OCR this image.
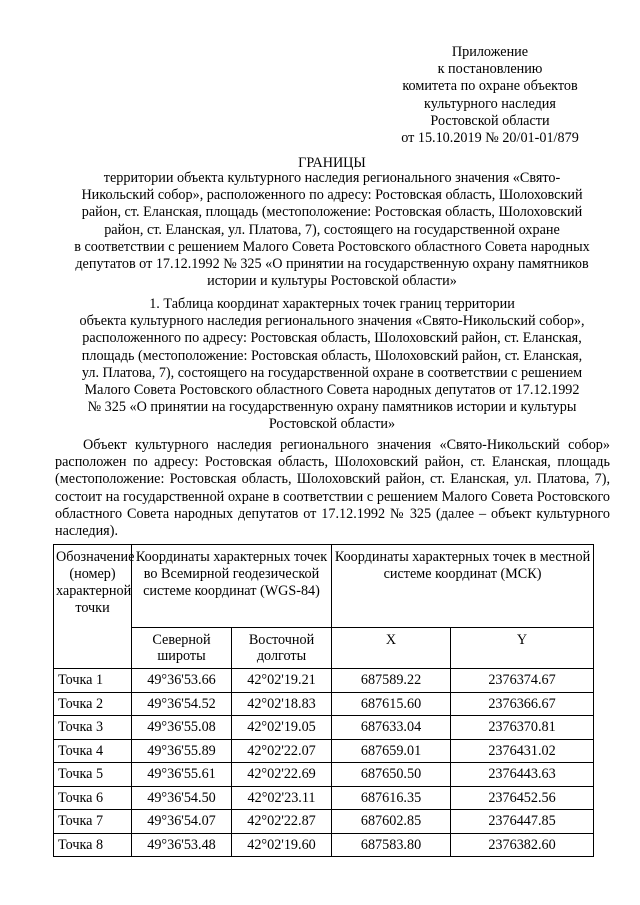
Приложение
к постановлению
комитета по охране объектов
культурного наследия
Ростовской области
от 15.10.2019 № 20/01-01/879
ГРАНИЦЫ
территории объекта культурного наследия регионального значения «Свято-
Никольский собор», расположенного по адресу: Ростовская область, Шолоховский
район, ст. Еланская, площадь (местоположение: Ростовская область, Шолоховский
район, ст. Еланская, ул. Платова, 7), состоящего на государственной охране
в соответствии с решением Малого Совета Ростовского областного Совета народных
депутатов от 17.12.1992 № 325 «О принятии на государственную охрану памятников
истории и культуры Ростовской области»
1. Таблица координат характерных точек границ территории
объекта культурного наследия регионального значения «Свято-Никольский собор»,
расположенного по адресу: Ростовская область, Шолоховский район, ст. Еланская,
площадь (местоположение: Ростовская область, Шолоховский район, ст. Еланская,
ул. Платова, 7), состоящего на государственной охране в соответствии с решением
Малого Совета Ростовского областного Совета народных депутатов от 17.12.1992
№ 325 «О принятии на государственную охрану памятников истории и культуры
Ростовской области»

Объект культурного наследия регионального значения «Свято-Никольский собор» расположен по адресу: Ростовская область, Шолоховский район, ст. Еланская, площадь (местоположение: Ростовская область, Шолоховский район, ст. Еланская, ул. Платова, 7), состоит на государственной охране в соответствии с решением Малого Совета Ростовского областного Совета народных депутатов от 17.12.1992 № 325 (далее – объект культурного наследия).

Обозначение (номер) характерной точки	Координаты характерных точек во Всемирной геодезической системе координат (WGS-84)		Координаты характерных точек в местной системе координат (МСК)	
	Северной широты	Восточной долготы	X	Y
Точка 1	49°36'53.66	42°02'19.21	687589.22	2376374.67
Точка 2	49°36'54.52	42°02'18.83	687615.60	2376366.67
Точка 3	49°36'55.08	42°02'19.05	687633.04	2376370.81
Точка 4	49°36'55.89	42°02'22.07	687659.01	2376431.02
Точка 5	49°36'55.61	42°02'22.69	687650.50	2376443.63
Точка 6	49°36'54.50	42°02'23.11	687616.35	2376452.56
Точка 7	49°36'54.07	42°02'22.87	687602.85	2376447.85
Точка 8	49°36'53.48	42°02'19.60	687583.80	2376382.60
